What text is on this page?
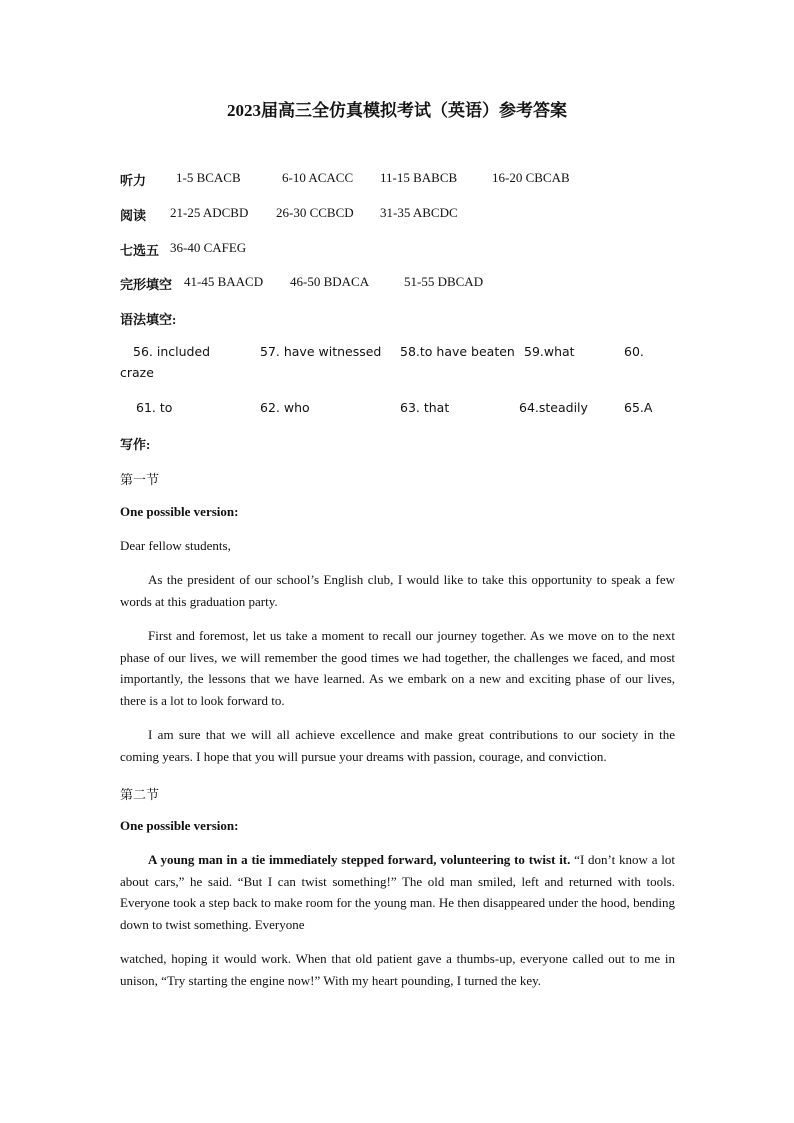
2023届高三全仿真模拟考试（英语）参考答案
听力 1-5 BCACB	6-10 ACACC 11-15 BABCB	16-20 CBCAB
阅读 21-25 ADCBD 26-30 CCBCD 31-35 ABCDC
七选五 36-40 CAFEG
完形填空 41-45 BAACD 46-50 BDACA	51-55 DBCAD
语法填空:
56. included	57. have witnessed 58.to have beaten 59.what	60.
craze
61. to	62. who	63. that	64.steadily	65.A
写作:
第一节
One possible version:
Dear fellow students,
As the president of our school’s English club, I would like to take this opportunity to speak a few words at this graduation party.
First and foremost, let us take a moment to recall our journey together. As we move on to the next phase of our lives, we will remember the good times we had together, the challenges we faced, and most importantly, the lessons that we have learned. As we embark on a new and exciting phase of our lives, there is a lot to look forward to.
I am sure that we will all achieve excellence and make great contributions to our society in the coming years. I hope that you will pursue your dreams with passion, courage, and conviction.
第二节
One possible version:
A young man in a tie immediately stepped forward, volunteering to twist it. “I don’t know a lot about cars,” he said. “But I can twist something!” The old man smiled, left and returned with tools. Everyone took a step back to make room for the young man. He then disappeared under the hood, bending down to twist something. Everyone
watched, hoping it would work. When that old patient gave a thumbs-up, everyone called out to me in unison, “Try starting the engine now!” With my heart pounding, I turned the key.
